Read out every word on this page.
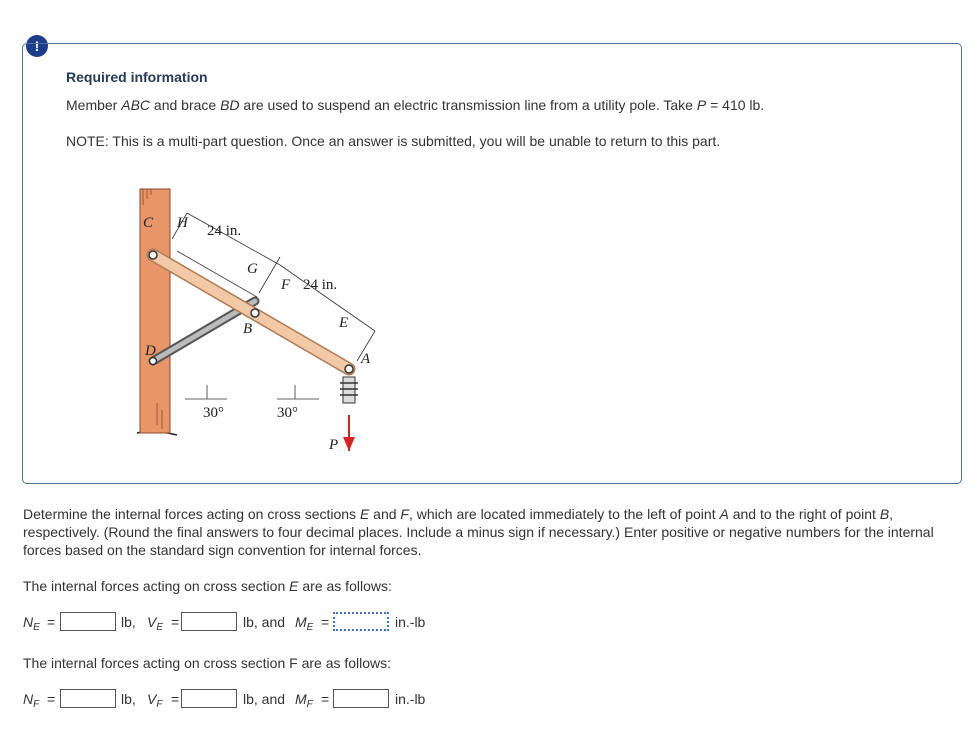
!
Required information
Member ABC and brace BD are used to suspend an electric transmission line from a utility pole. Take P = 410 lb.
NOTE: This is a multi-part question. Once an answer is submitted, you will be unable to return to this part.
C H 24 in.
G
F 24 in.
B	E
A
D
30°	30°
P
Determine the internal forces acting on cross sections E and F, which are located immediately to the left of point A and to the right of point B, respectively. (Round the final answers to four decimal places. Include a minus sign if necessary.) Enter positive or negative numbers for the internal forces based on the standard sign convention for internal forces.
The internal forces acting on cross section E are as follows:
$N_E$ =	lb, $V_E$ =	lb, and $M_E$ =	in.-lb
The internal forces acting on cross section F are as follows:
$N_F$ =	lb, $V_F$ =	lb, and $M_F$ =	in.-lb
